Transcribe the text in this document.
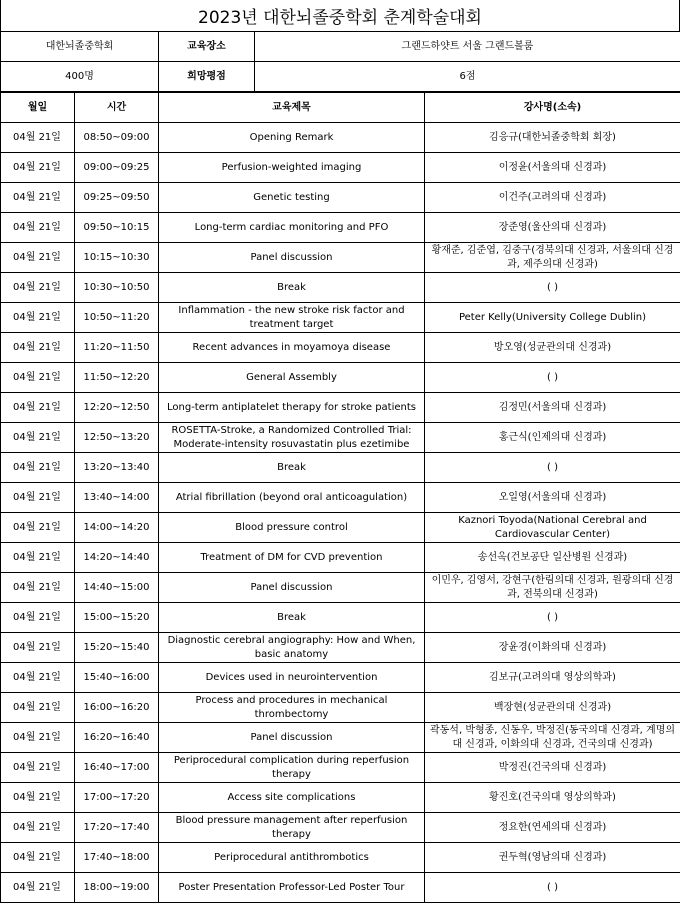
2023년 대한뇌졸중학회 춘계학술대회
대한뇌졸중학회	교육장소	그랜드하얏트 서울 그랜드볼룸
400명	희망평점	6점
월일	시간	교육제목	강사명(소속)
04월 21일	08:50~09:00	Opening Remark	김응규(대한뇌졸중학회 회장)
04월 21일	09:00~09:25	Perfusion-weighted imaging	이정윤(서울의대 신경과)
04월 21일	09:25~09:50	Genetic testing	이건주(고려의대 신경과)
04월 21일	09:50~10:15	Long-term cardiac monitoring and PFO	장준영(울산의대 신경과)
04월 21일	10:15~10:30	Panel discussion	황재준, 김준엽, 김중구(경북의대 신경과, 서울의대 신경과, 제주의대 신경과)
04월 21일	10:30~10:50	Break	( )
04월 21일	10:50~11:20	Inflammation - the new stroke risk factor and treatment target	Peter Kelly(University College Dublin)
04월 21일	11:20~11:50	Recent advances in moyamoya disease	방오영(성균관의대 신경과)
04월 21일	11:50~12:20	General Assembly	( )
04월 21일	12:20~12:50	Long-term antiplatelet therapy for stroke patients	김정민(서울의대 신경과)
04월 21일	12:50~13:20	ROSETTA-Stroke, a Randomized Controlled Trial: Moderate-intensity rosuvastatin plus ezetimibe	홍근식(인제의대 신경과)
04월 21일	13:20~13:40	Break	( )
04월 21일	13:40~14:00	Atrial fibrillation (beyond oral anticoagulation)	오일영(서울의대 신경과)
04월 21일	14:00~14:20	Blood pressure control	Kaznori Toyoda(National Cerebral and Cardiovascular Center)
04월 21일	14:20~14:40	Treatment of DM for CVD prevention	송선옥(건보공단 일산병원 신경과)
04월 21일	14:40~15:00	Panel discussion	이민우, 김영서, 강현구(한림의대 신경과, 원광의대 신경과, 전북의대 신경과)
04월 21일	15:00~15:20	Break	( )
04월 21일	15:20~15:40	Diagnostic cerebral angiography: How and When, basic anatomy	장윤경(이화의대 신경과)
04월 21일	15:40~16:00	Devices used in neurointervention	김보규(고려의대 영상의학과)
04월 21일	16:00~16:20	Process and procedures in mechanical thrombectomy	백장현(성균관의대 신경과)
04월 21일	16:20~16:40	Panel discussion	곽동석, 박형종, 신동우, 박정진(동국의대 신경과, 계명의대 신경과, 이화의대 신경과, 건국의대 신경과)
04월 21일	16:40~17:00	Periprocedural complication during reperfusion therapy	박정진(건국의대 신경과)
04월 21일	17:00~17:20	Access site complications	황진호(건국의대 영상의학과)
04월 21일	17:20~17:40	Blood pressure management after reperfusion therapy	정요한(연세의대 신경과)
04월 21일	17:40~18:00	Periprocedural antithrombotics	권두혁(영남의대 신경과)
04월 21일	18:00~19:00	Poster Presentation Professor-Led Poster Tour	( )
